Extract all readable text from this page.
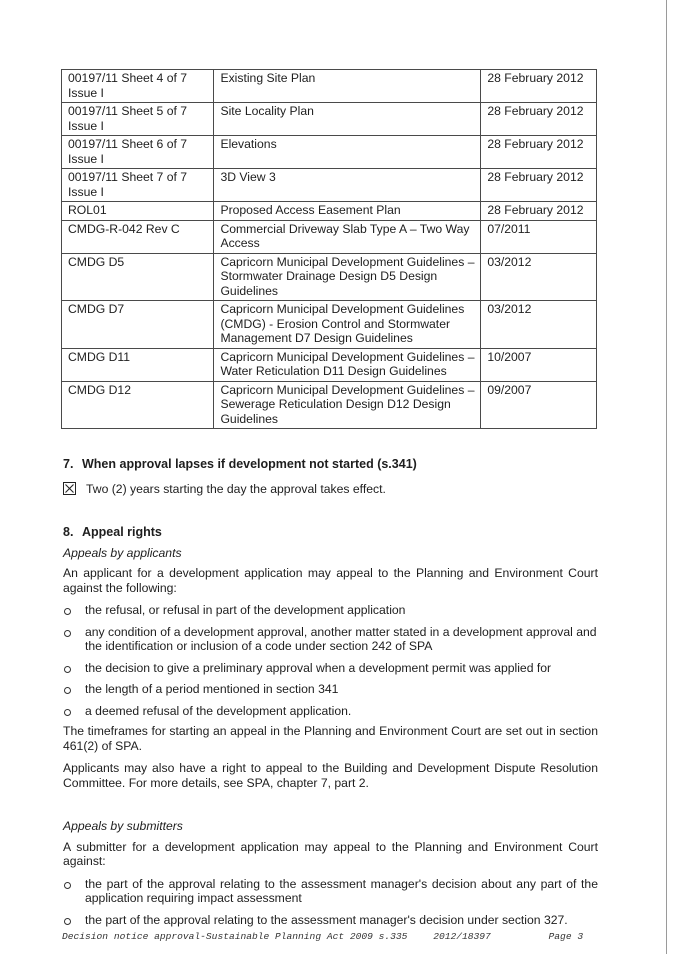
00197/11 Sheet 4 of 7 Issue I	Existing Site Plan	28 February 2012
00197/11 Sheet 5 of 7 Issue I	Site Locality Plan	28 February 2012
00197/11 Sheet 6 of 7 Issue I	Elevations	28 February 2012
00197/11 Sheet 7 of 7 Issue I	3D View 3	28 February 2012
ROL01	Proposed Access Easement Plan	28 February 2012
CMDG-R-042 Rev C	Commercial Driveway Slab Type A – Two Way Access	07/2011
CMDG D5	Capricorn Municipal Development Guidelines – Stormwater Drainage Design D5 Design Guidelines	03/2012
CMDG D7	Capricorn Municipal Development Guidelines (CMDG) - Erosion Control and Stormwater Management D7 Design Guidelines	03/2012
CMDG D11	Capricorn Municipal Development Guidelines – Water Reticulation D11 Design Guidelines	10/2007
CMDG D12	Capricorn Municipal Development Guidelines – Sewerage Reticulation Design D12 Design Guidelines	09/2007
7. When approval lapses if development not started (s.341)
Two (2) years starting the day the approval takes effect.
8. Appeal rights
Appeals by applicants
An applicant for a development application may appeal to the Planning and Environment Court against the following:
the refusal, or refusal in part of the development application
any condition of a development approval, another matter stated in a development approval and the identification or inclusion of a code under section 242 of SPA
the decision to give a preliminary approval when a development permit was applied for
the length of a period mentioned in section 341
a deemed refusal of the development application.
The timeframes for starting an appeal in the Planning and Environment Court are set out in section 461(2) of SPA.
Applicants may also have a right to appeal to the Building and Development Dispute Resolution Committee. For more details, see SPA, chapter 7, part 2.
Appeals by submitters
A submitter for a development application may appeal to the Planning and Environment Court against:
the part of the approval relating to the assessment manager's decision about any part of the application requiring impact assessment
the part of the approval relating to the assessment manager's decision under section 327.
Decision notice approval-Sustainable Planning Act 2009 s.335	2012/18397	Page 3
